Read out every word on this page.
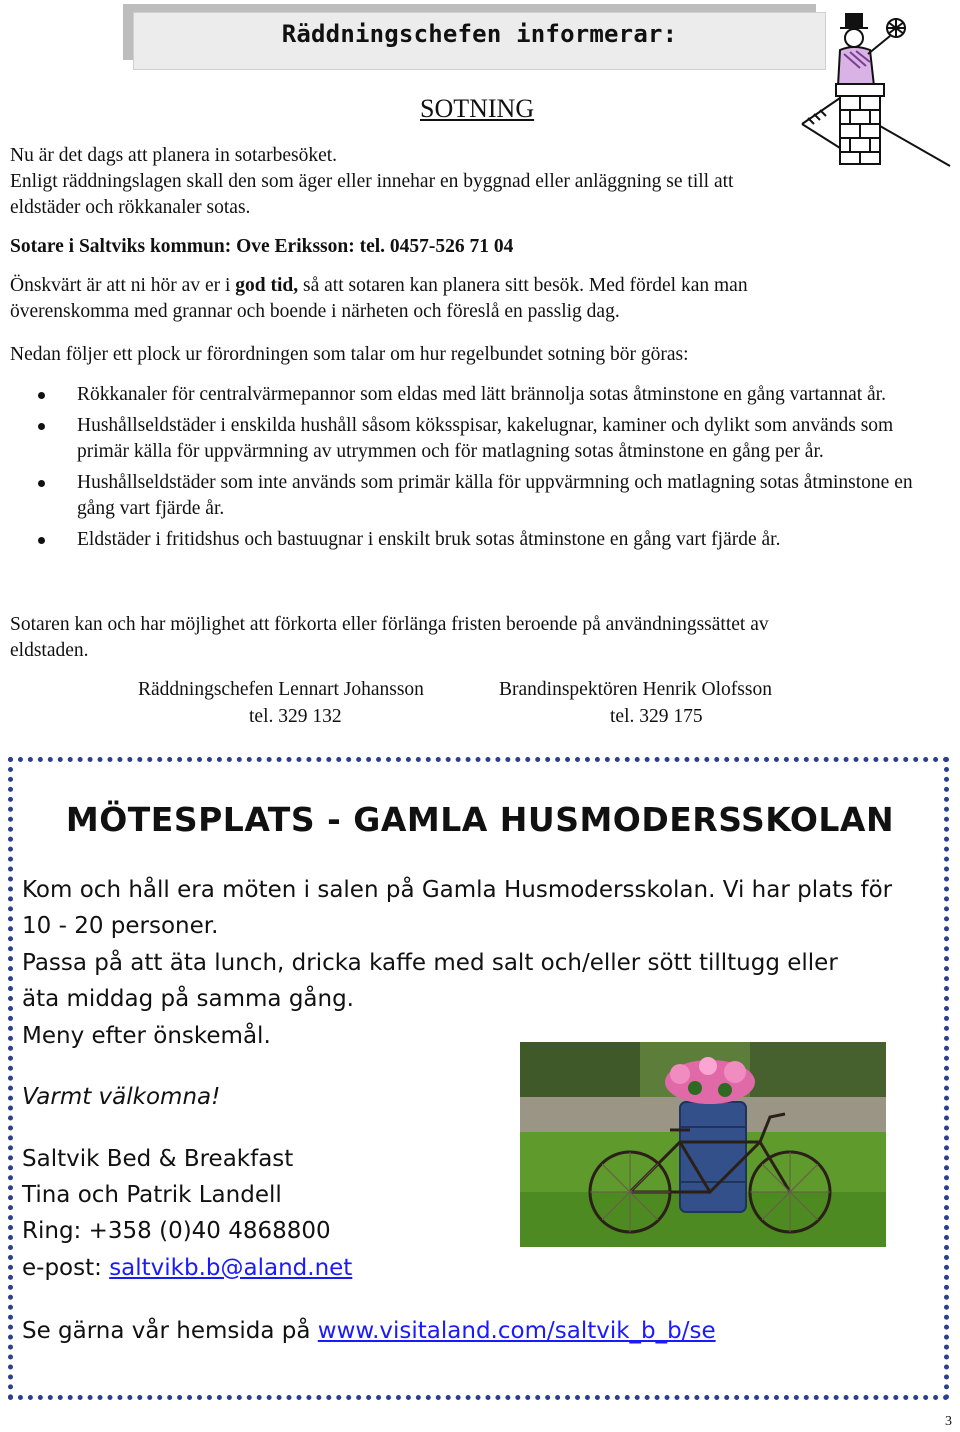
Räddningschefen informerar:
SOTNING
Nu är det dags att planera in sotarbesöket.
Enligt räddningslagen skall den som äger eller innehar en byggnad eller anläggning se till att
eldstäder och rökkanaler sotas.
Sotare i Saltviks kommun: Ove Eriksson: tel. 0457-526 71 04
Önskvärt är att ni hör av er i god tid, så att sotaren kan planera sitt besök. Med fördel kan man
överenskomma med grannar och boende i närheten och föreslå en passlig dag.
Nedan följer ett plock ur förordningen som talar om hur regelbundet sotning bör göras:
Rökkanaler för centralvärmepannor som eldas med lätt brännolja sotas åtminstone en gång vartannat år.
Hushållseldstäder i enskilda hushåll såsom köksspisar, kakelugnar, kaminer och dylikt som används som primär källa för uppvärmning av utrymmen och för matlagning sotas åtminstone en gång per år.
Hushållseldstäder som inte används som primär källa för uppvärmning och matlagning sotas åtminstone en gång vart fjärde år.
Eldstäder i fritidshus och bastuugnar i enskilt bruk sotas åtminstone en gång vart fjärde år.
Sotaren kan och har möjlighet att förkorta eller förlänga fristen beroende på användningssättet av
eldstaden.
Räddningschefen Lennart Johansson
tel. 329 132
Brandinspektören Henrik Olofsson
tel. 329 175
MÖTESPLATS - GAMLA HUSMODERSSKOLAN
Kom och håll era möten i salen på Gamla Husmodersskolan. Vi har plats för
10 - 20 personer.
Passa på att äta lunch, dricka kaffe med salt och/eller sött tilltugg eller
äta middag på samma gång.
Meny efter önskemål.
Varmt välkomna!
Saltvik Bed & Breakfast
Tina och Patrik Landell
Ring: +358 (0)40 4868800
e-post: saltvikb.b@aland.net
Se gärna vår hemsida på www.visitaland.com/saltvik_b_b/se
3
